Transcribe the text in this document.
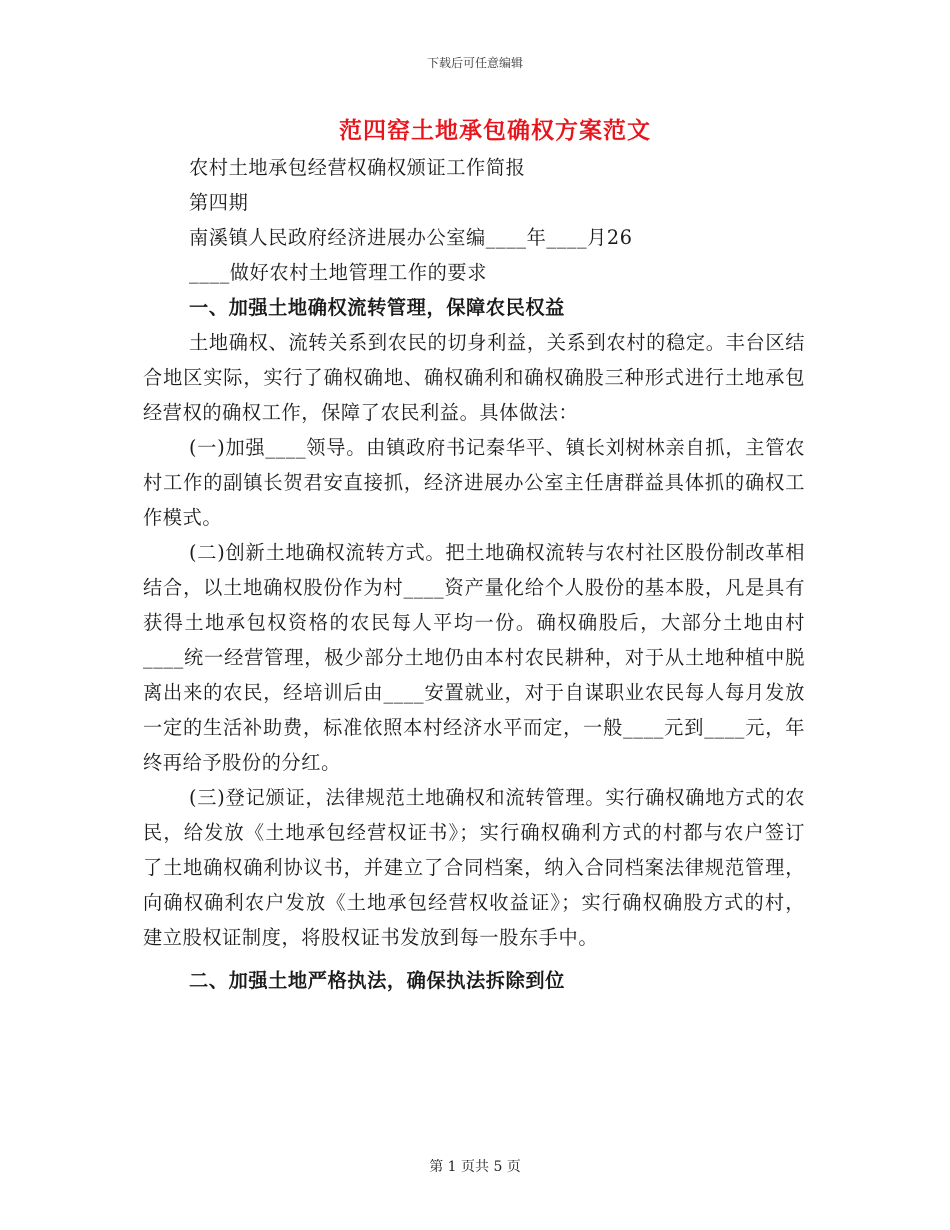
下载后可任意编辑
范四窑土地承包确权方案范文

农村土地承包经营权确权颁证工作简报

第四期

南溪镇人民政府经济进展办公室编____年____月26

____做好农村土地管理工作的要求

一、加强土地确权流转管理，保障农民权益

土地确权、流转关系到农民的切身利益，关系到农村的稳定。丰台区结合地区实际，实行了确权确地、确权确利和确权确股三种形式进行土地承包经营权的确权工作，保障了农民利益。具体做法：

(一)加强____领导。由镇政府书记秦华平、镇长刘树林亲自抓，主管农村工作的副镇长贺君安直接抓，经济进展办公室主任唐群益具体抓的确权工作模式。

(二)创新土地确权流转方式。把土地确权流转与农村社区股份制改革相结合，以土地确权股份作为村____资产量化给个人股份的基本股，凡是具有获得土地承包权资格的农民每人平均一份。确权确股后，大部分土地由村____统一经营管理，极少部分土地仍由本村农民耕种，对于从土地种植中脱离出来的农民，经培训后由____安置就业，对于自谋职业农民每人每月发放一定的生活补助费，标准依照本村经济水平而定，一般____元到____元，年终再给予股份的分红。

(三)登记颁证，法律规范土地确权和流转管理。实行确权确地方式的农民，给发放《土地承包经营权证书》；实行确权确利方式的村都与农户签订了土地确权确利协议书，并建立了合同档案，纳入合同档案法律规范管理，向确权确利农户发放《土地承包经营权收益证》；实行确权确股方式的村，建立股权证制度，将股权证书发放到每一股东手中。

二、加强土地严格执法，确保执法拆除到位

第 1 页共 5 页
